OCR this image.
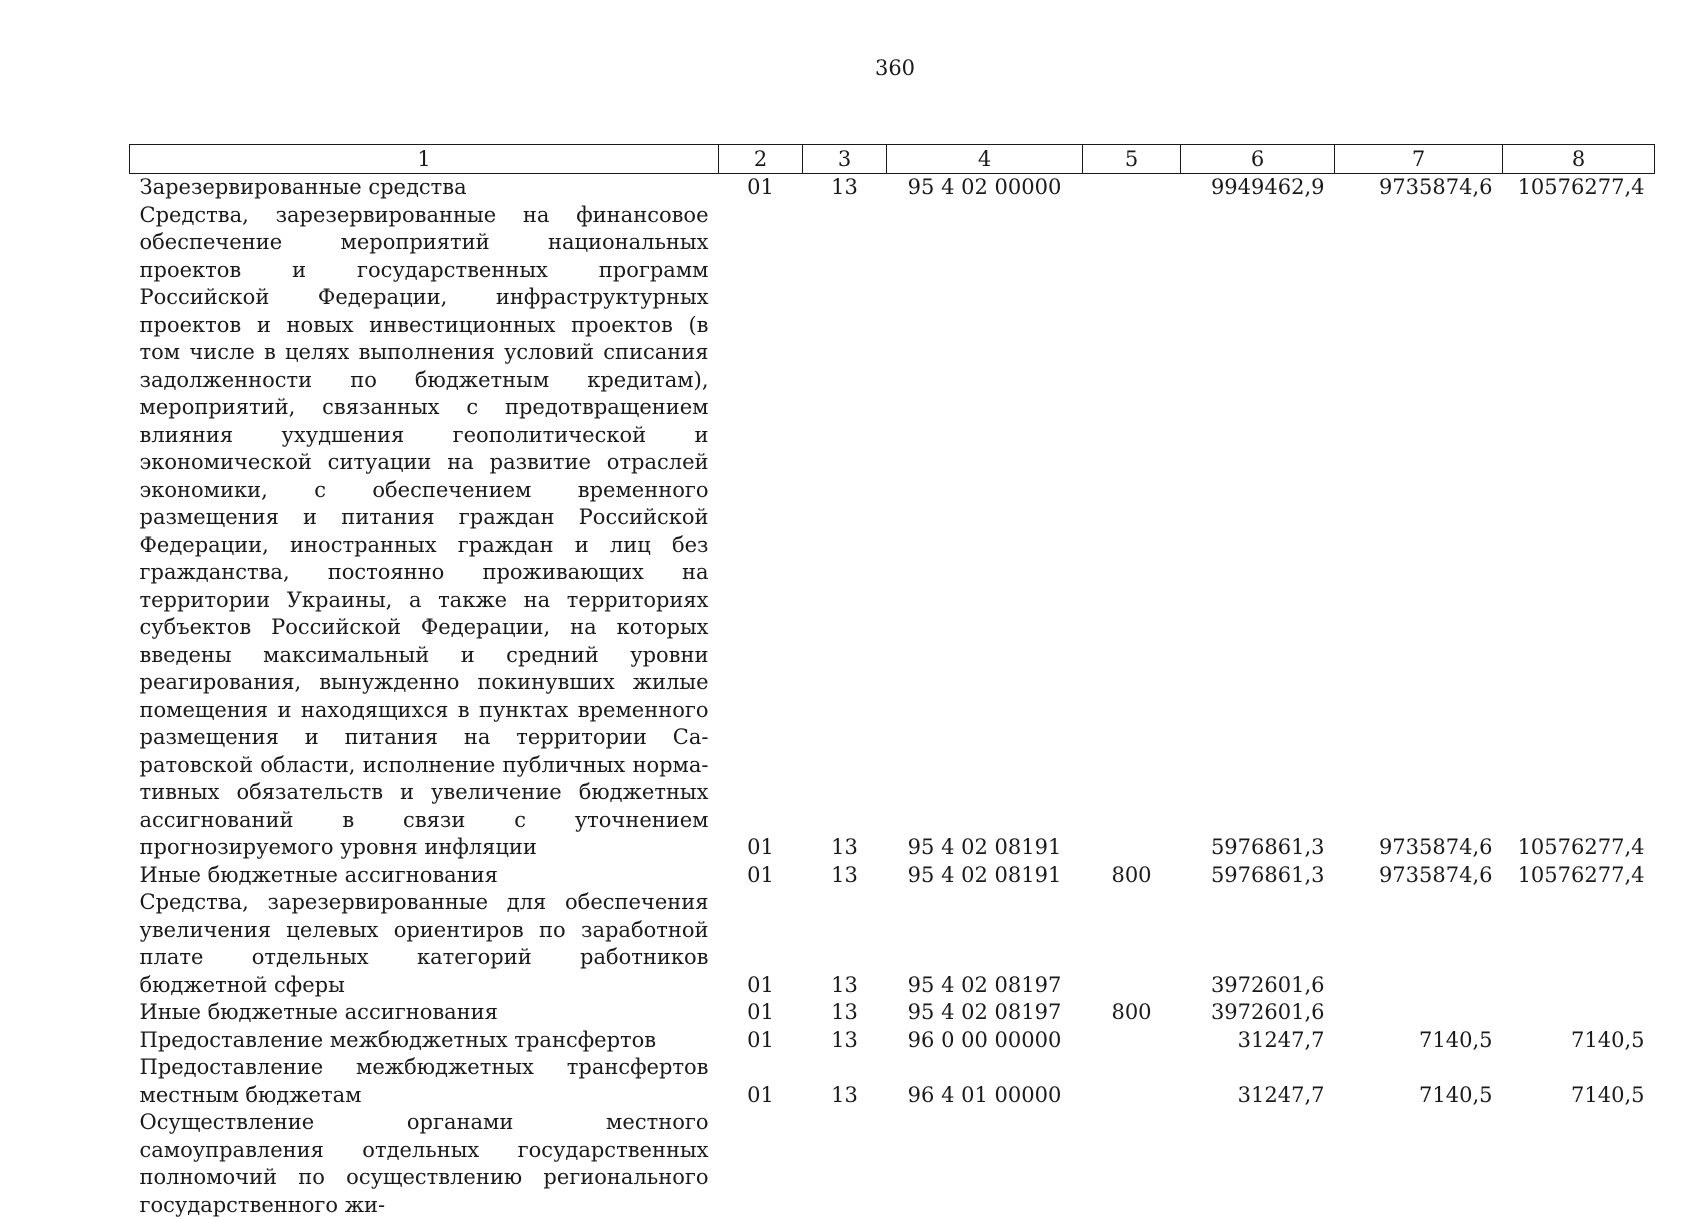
360
1	2	3	4	5	6	7	8
Зарезервированные средства	01	13	95 4 02 00000		9949462,9	9735874,6	10576277,4
Средства, зарезервированные на финансовое обеспечение мероприятий национальных проектов и государственных программ Российской Федерации, инфраструктурных проектов и новых инвестиционных проектов (в том числе в целях выполнения условий списания задолженности по бюджетным кредитам), мероприятий, связанных с предотвращением влияния ухудшения геополитической и экономической ситуации на развитие отраслей экономики, с обеспечением временного размещения и питания граждан Российской Федерации, иностранных граждан и лиц без гражданства, постоянно проживающих на территории Украины, а также на территориях субъектов Российской Федерации, на которых введены максимальный и средний уровни реагирования, вынужденно покинувших жилые помещения и находящихся в пунктах временного размещения и питания на территории Саратовской области, исполнение публичных нормативных обязательств и увеличение бюджетных ассигнований в связи с уточнением прогнозируемого уровня инфляции	01	13	95 4 02 08191		5976861,3	9735874,6	10576277,4
Иные бюджетные ассигнования	01	13	95 4 02 08191	800	5976861,3	9735874,6	10576277,4
Средства, зарезервированные для обеспечения увеличения целевых ориентиров по заработной плате отдельных категорий работников бюджетной сферы	01	13	95 4 02 08197		3972601,6		
Иные бюджетные ассигнования	01	13	95 4 02 08197	800	3972601,6		
Предоставление межбюджетных трансфертов	01	13	96 0 00 00000		31247,7	7140,5	7140,5
Предоставление межбюджетных трансфертов местным бюджетам	01	13	96 4 01 00000		31247,7	7140,5	7140,5
Осуществление органами местного самоуправления отдельных государственных полномочий по осуществлению регионального государственного жи-							
